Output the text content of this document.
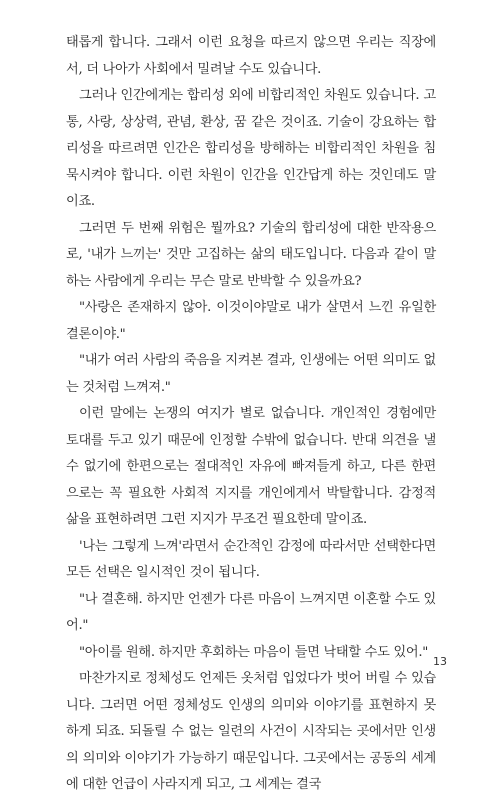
태롭게 합니다. 그래서 이런 요청을 따르지 않으면 우리는 직장에서, 더 나아가 사회에서 밀려날 수도 있습니다.

그러나 인간에게는 합리성 외에 비합리적인 차원도 있습니다. 고통, 사랑, 상상력, 관념, 환상, 꿈 같은 것이죠. 기술이 강요하는 합리성을 따르려면 인간은 합리성을 방해하는 비합리적인 차원을 침묵시켜야 합니다. 이런 차원이 인간을 인간답게 하는 것인데도 말이죠.

그러면 두 번째 위험은 뭘까요? 기술의 합리성에 대한 반작용으로, '내가 느끼는' 것만 고집하는 삶의 태도입니다. 다음과 같이 말하는 사람에게 우리는 무슨 말로 반박할 수 있을까요?

"사랑은 존재하지 않아. 이것이야말로 내가 살면서 느낀 유일한 결론이야."

"내가 여러 사람의 죽음을 지켜본 결과, 인생에는 어떤 의미도 없는 것처럼 느껴져."

이런 말에는 논쟁의 여지가 별로 없습니다. 개인적인 경험에만 토대를 두고 있기 때문에 인정할 수밖에 없습니다. 반대 의견을 낼 수 없기에 한편으로는 절대적인 자유에 빠져들게 하고, 다른 한편으로는 꼭 필요한 사회적 지지를 개인에게서 박탈합니다. 감정적 삶을 표현하려면 그런 지지가 무조건 필요한데 말이죠.

'나는 그렇게 느껴'라면서 순간적인 감정에 따라서만 선택한다면 모든 선택은 일시적인 것이 됩니다.

"나 결혼해. 하지만 언젠가 다른 마음이 느껴지면 이혼할 수도 있어."

"아이를 원해. 하지만 후회하는 마음이 들면 낙태할 수도 있어."

마찬가지로 정체성도 언제든 옷처럼 입었다가 벗어 버릴 수 있습니다. 그러면 어떤 정체성도 인생의 의미와 이야기를 표현하지 못하게 되죠. 되돌릴 수 없는 일련의 사건이 시작되는 곳에서만 인생의 의미와 이야기가 가능하기 때문입니다. 그곳에서는 공동의 세계에 대한 언급이 사라지게 되고, 그 세계는 결국

13
